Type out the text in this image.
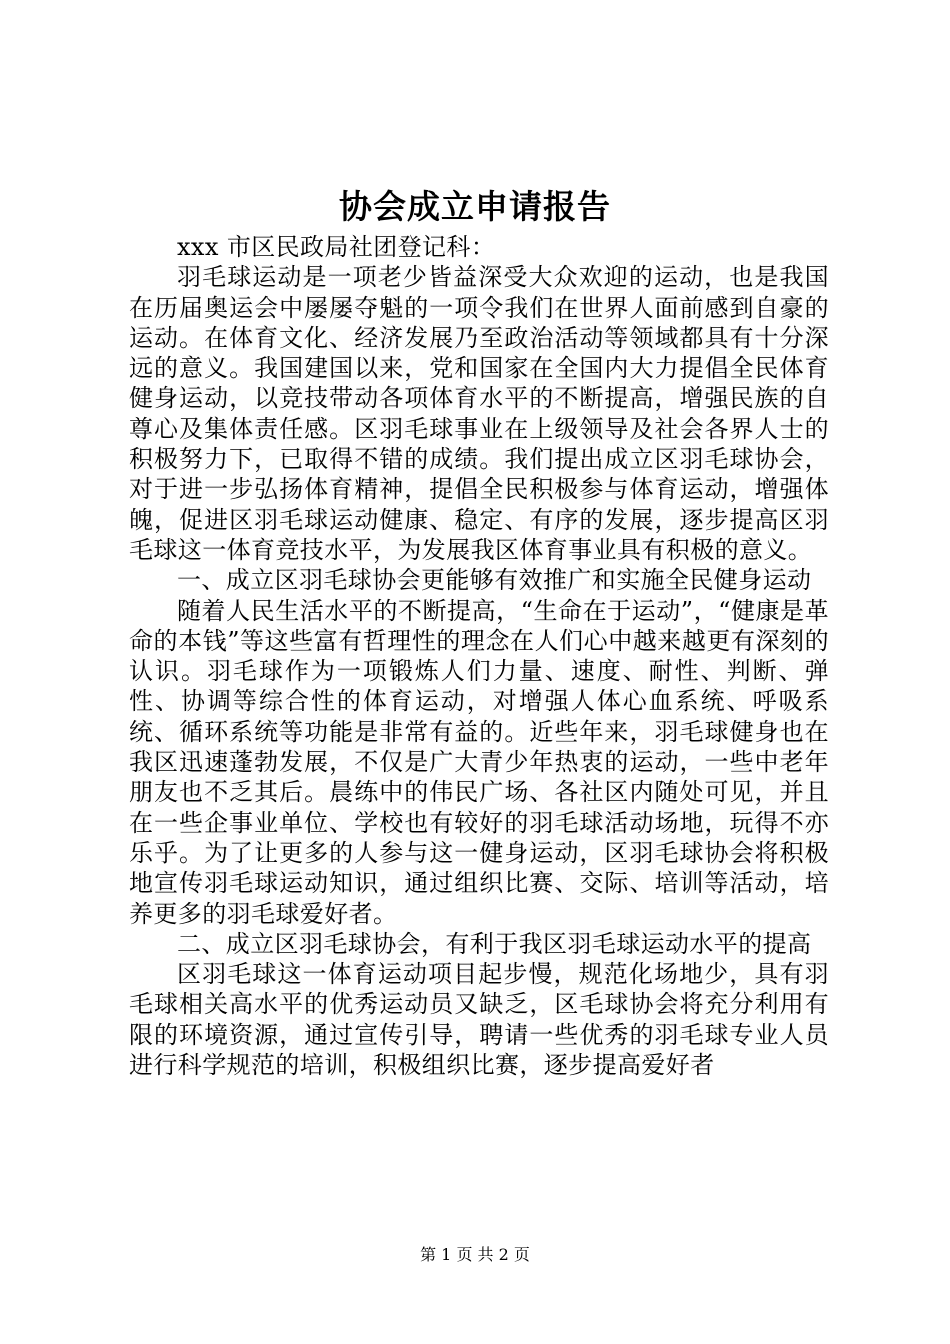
协会成立申请报告

xxx 市区民政局社团登记科：

羽毛球运动是一项老少皆益深受大众欢迎的运动，也是我国在历届奥运会中屡屡夺魁的一项令我们在世界人面前感到自豪的运动。在体育文化、经济发展乃至政治活动等领域都具有十分深远的意义。我国建国以来，党和国家在全国内大力提倡全民体育健身运动，以竞技带动各项体育水平的不断提高，增强民族的自尊心及集体责任感。区羽毛球事业在上级领导及社会各界人士的积极努力下，已取得不错的成绩。我们提出成立区羽毛球协会，对于进一步弘扬体育精神，提倡全民积极参与体育运动，增强体魄，促进区羽毛球运动健康、稳定、有序的发展，逐步提高区羽毛球这一体育竞技水平，为发展我区体育事业具有积极的意义。

一、成立区羽毛球协会更能够有效推广和实施全民健身运动

随着人民生活水平的不断提高，“生命在于运动”，“健康是革命的本钱”等这些富有哲理性的理念在人们心中越来越更有深刻的认识。羽毛球作为一项锻炼人们力量、速度、耐性、判断、弹性、协调等综合性的体育运动，对增强人体心血系统、呼吸系统、循环系统等功能是非常有益的。近些年来，羽毛球健身也在我区迅速蓬勃发展，不仅是广大青少年热衷的运动，一些中老年朋友也不乏其后。晨练中的伟民广场、各社区内随处可见，并且在一些企事业单位、学校也有较好的羽毛球活动场地，玩得不亦乐乎。为了让更多的人参与这一健身运动，区羽毛球协会将积极地宣传羽毛球运动知识，通过组织比赛、交际、培训等活动，培养更多的羽毛球爱好者。

二、成立区羽毛球协会，有利于我区羽毛球运动水平的提高

区羽毛球这一体育运动项目起步慢，规范化场地少，具有羽毛球相关高水平的优秀运动员又缺乏，区毛球协会将充分利用有限的环境资源，通过宣传引导，聘请一些优秀的羽毛球专业人员进行科学规范的培训，积极组织比赛，逐步提高爱好者

第 1 页 共 2 页
